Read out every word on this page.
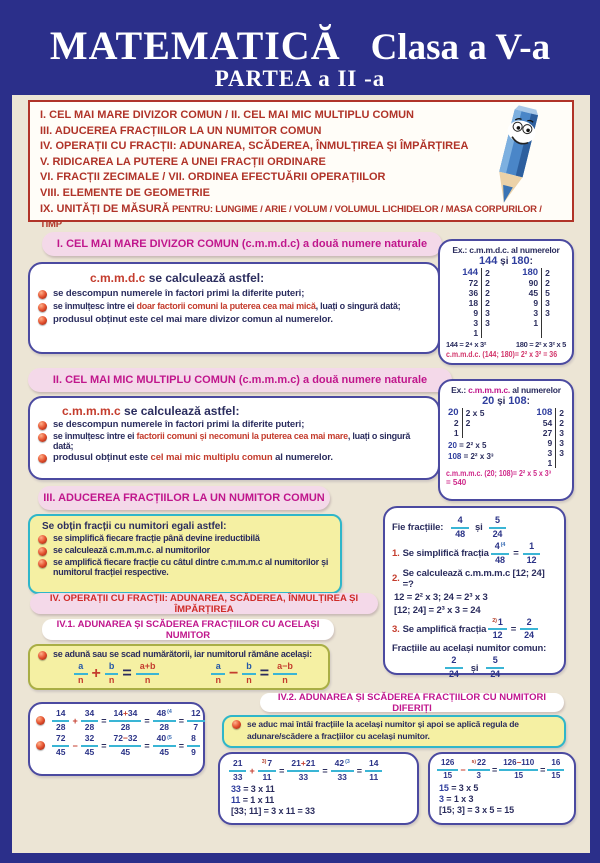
MATEMATICĂ Clasa a V-a
PARTEA a II -a
I. CEL MAI MARE DIVIZOR COMUN / II. CEL MAI MIC MULTIPLU COMUN
III. ADUCEREA FRACȚIILOR LA UN NUMITOR COMUN
IV. OPERAȚII CU FRACȚII: ADUNAREA, SCĂDEREA, ÎNMULȚIREA ȘI ÎMPĂRȚIREA
V. RIDICAREA LA PUTERE A UNEI FRACȚII ORDINARE
VI. FRACȚII ZECIMALE / VII. ORDINEA EFECTUĂRII OPERAȚIILOR
VIII. ELEMENTE DE GEOMETRIE
IX. UNITĂȚI DE MĂSURĂ PENTRU: LUNGIME / ARIE / VOLUM / VOLUMUL LICHIDELOR / MASA CORPURILOR / TIMP
I. CEL MAI MARE DIVIZOR COMUN (c.m.m.d.c) a două numere naturale
c.m.m.d.c se calculează astfel:
se descompun numerele în factori primi la diferite puteri;
se înmulțesc între ei doar factorii comuni la puterea cea mai mică, luați o singură dată;
produsul obținut este cel mai mare divizor comun al numerelor.
Ex.: c.m.m.d.c. al numerelor
144 și 180:
144
72
36
18
9
3
1
2
2
2
2
3
3
180
90
45
9
3
1
2
2
5
3
3
144 = 2⁴ x 3²	180 = 2² x 3² x 5
c.m.m.d.c. (144; 180)= 2² x 3² = 36
II. CEL MAI MIC MULTIPLU COMUN (c.m.m.m.c) a două numere naturale
c.m.m.m.c se calculează astfel:
se descompun numerele în factori primi la diferite puteri;
se înmulțesc între ei factorii comuni și necomuni la puterea cea mai mare, luați o singură dată;
produsul obținut este cel mai mic multiplu comun al numerelor.
Ex.: c.m.m.m.c. al numerelor
20 și 108:
20
2
1
2 x 5
2
20 = 2² x 5
108 = 2² x 3³
108
54
27
9
3
1
2
2
3
3
3
c.m.m.m.c. (20; 108)= 2² x 5 x 3³
= 540
III. ADUCEREA FRACȚIILOR LA UN NUMITOR COMUN
Se obțin fracții cu numitori egali astfel:
se simplifică fiecare fracție până devine ireductibilă
se calculează c.m.m.m.c. al numitorilor
se amplifică fiecare fracție cu câtul dintre c.m.m.m.c al numitorilor și numitorul fracției respective.
Fie fracțiile:
4
48
și
5
24
1. Se simplifică fracția $\frac{4^{(4}}{48} = \frac{1}{12}$
2. Se calculează c.m.m.m.c [12; 24] =?
12 = 2² x 3; 24 = 2³ x 3
[12; 24] = 2³ x 3 = 24
3. Se amplifică fracția $\frac{^{2)}1}{12} = \frac{2}{24}$
Fracțiile au același numitor comun:
2
24
și
5
24
IV. OPERAȚII CU FRACȚII: ADUNAREA, SCĂDEREA, ÎNMULȚIREA ȘI ÎMPĂRȚIREA
IV.1. ADUNAREA ȘI SCĂDEREA FRACȚIILOR CU ACELAȘI NUMITOR
se adună sau se scad numărătorii, iar numitorul rămâne același:
a
$n + \frac{b}{n} = \frac{a+b}{n}$	a
$n - \frac{b}{n} = \frac{a-b}{n}$
14
28
+ $\frac{34}{28} = \frac{14+34}{28} = \frac{48^{(4}}{28} = \frac{12}{7}$
72
45
− $\frac{32}{45} = \frac{72-32}{45} = \frac{40^{(5}}{45} = \frac{8}{9}$
IV.2. ADUNAREA ȘI SCĂDEREA FRACȚIILOR CU NUMITORI DIFERIȚI
se aduc mai întâi fracțiile la același numitor și apoi se aplică regula de adunare/scădere a fracțiilor cu același numitor.
21
33
+ $\frac{^{3)}7}{11} = \frac{21+21}{33} = \frac{42^{(3}}{33} = \frac{14}{11}$
33 = 3 x 11
11 = 1 x 11
[33; 11] = 3 x 11 = 33
126
15
− $\frac{^{5)}22}{3} = \frac{126-110}{15} = \frac{16}{15}$
15 = 3 x 5
3 = 1 x 3
[15; 3] = 3 x 5 = 15
